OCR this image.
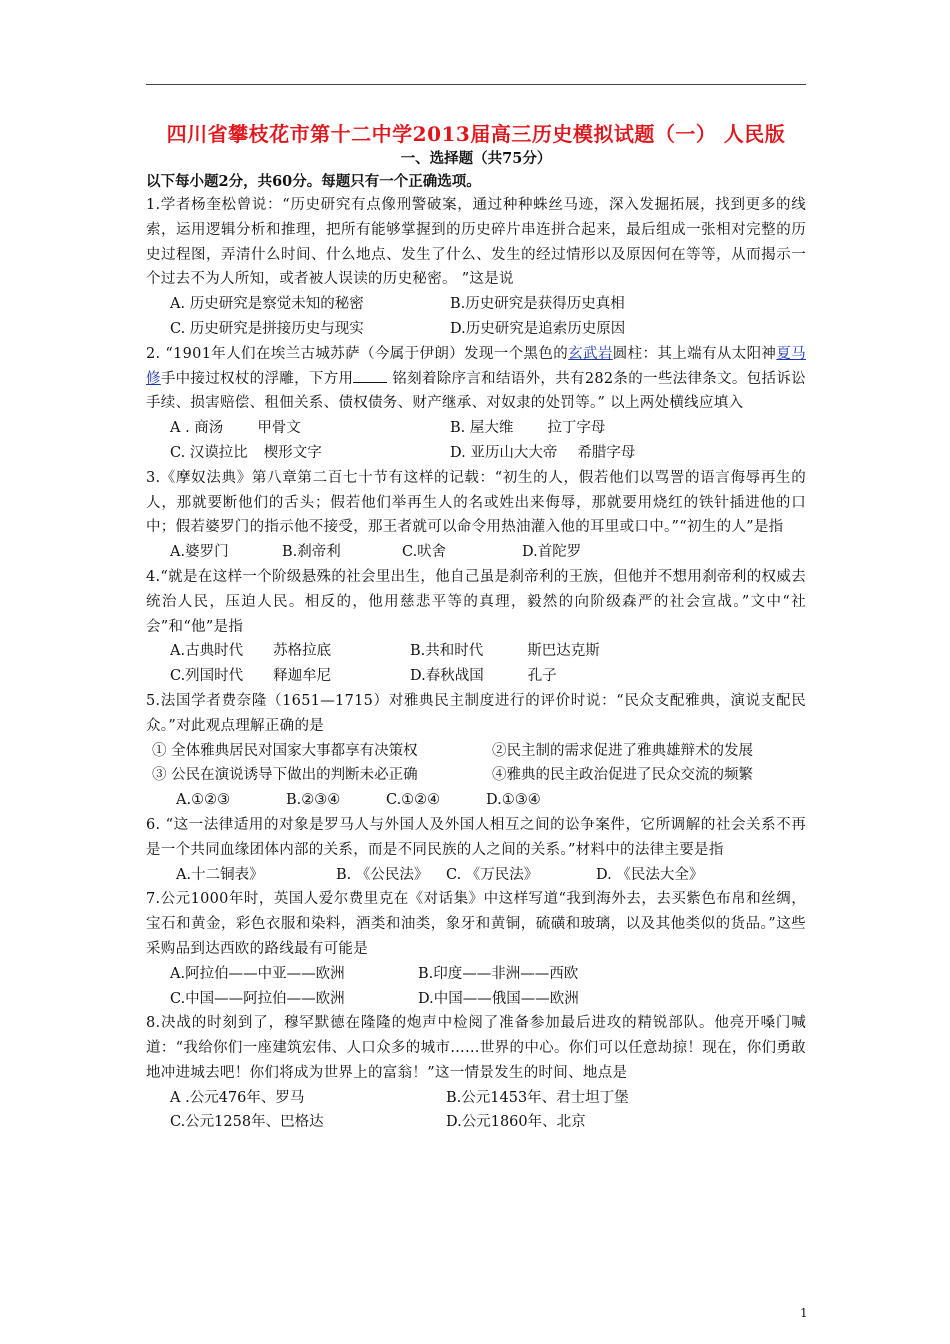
四川省攀枝花市第十二中学2013届高三历史模拟试题（一） 人民版
一、选择题（共75分）
以下每小题2分，共60分。每题只有一个正确选项。
1.学者杨奎松曾说：“历史研究有点像刑警破案，通过种种蛛丝马迹，深入发掘拓展，找到更多的线索，运用逻辑分析和推理，把所有能够掌握到的历史碎片串连拼合起来，最后组成一张相对完整的历史过程图，弄清什么时间、什么地点、发生了什么、发生的经过情形以及原因何在等等，从而揭示一个过去不为人所知，或者被人误读的历史秘密。 ”这是说
A. 历史研究是察觉未知的秘密	B.历史研究是获得历史真相
C. 历史研究是拼接历史与现实	D.历史研究是追索历史原因
2. “1901年人们在埃兰古城苏萨（今属于伊朗）发现一个黑色的玄武岩圆柱：其上端有从太阳神夏马修手中接过权杖的浮雕，下方用 铭刻着除序言和结语外，共有282条的一些法律条文。包括诉讼手续、损害赔偿、租佃关系、债权债务、财产继承、对奴隶的处罚等。” 以上两处横线应填入
A . 商汤 甲骨文	B. 屋大维 拉丁字母
C. 汉谟拉比 楔形文字	D. 亚历山大大帝 希腊字母
3.《摩奴法典》第八章第二百七十节有这样的记载：“初生的人，假若他们以骂詈的语言侮辱再生的人，那就要断他们的舌头；假若他们举再生人的名或姓出来侮辱，那就要用烧红的铁针插进他的口中；假若婆罗门的指示他不接受，那王者就可以命令用热油灌入他的耳里或口中。”“初生的人”是指
A.婆罗门	B.刹帝利	C.吠舍	D.首陀罗
4.“就是在这样一个阶级悬殊的社会里出生，他自己虽是刹帝利的王族，但他并不想用刹帝利的权威去统治人民，压迫人民。相反的，他用慈悲平等的真理，毅然的向阶级森严的社会宣战。”文中“社会”和“他”是指
A.古典时代 苏格拉底	B.共和时代	斯巴达克斯
C.列国时代 释迦牟尼	D.春秋战国	孔子
5.法国学者费奈隆（1651—1715）对雅典民主制度进行的评价时说：“民众支配雅典，演说支配民众。”对此观点理解正确的是
① 全体雅典居民对国家大事都享有决策权	②民主制的需求促进了雅典雄辩术的发展
③ 公民在演说诱导下做出的判断未必正确	④雅典的民主政治促进了民众交流的频繁
A.①②③	B.②③④	C.①②④	D.①③④
6. “这一法律适用的对象是罗马人与外国人及外国人相互之间的讼争案件，它所调解的社会关系不再是一个共同血缘团体内部的关系，而是不同民族的人之间的关系。”材料中的法律主要是指
A.十二铜表》	B. 《公民法》	C. 《万民法》	D. 《民法大全》
7.公元1000年时，英国人爱尔费里克在《对话集》中这样写道“我到海外去，去买紫色布帛和丝绸，宝石和黄金，彩色衣服和染料，酒类和油类，象牙和黄铜，硫磺和玻璃，以及其他类似的货品。”这些采购品到达西欧的路线最有可能是
A.阿拉伯——中亚——欧洲	B.印度——非洲——西欧
C.中国——阿拉伯——欧洲	D.中国——俄国——欧洲
8.决战的时刻到了，穆罕默德在隆隆的炮声中检阅了准备参加最后进攻的精锐部队。他亮开嗓门喊道：“我给你们一座建筑宏伟、人口众多的城市……世界的中心。你们可以任意劫掠！现在，你们勇敢地冲进城去吧！你们将成为世界上的富翁！”这一情景发生的时间、地点是
A .公元476年、罗马	B.公元1453年、君士坦丁堡
C.公元1258年、巴格达	D.公元1860年、北京
1
